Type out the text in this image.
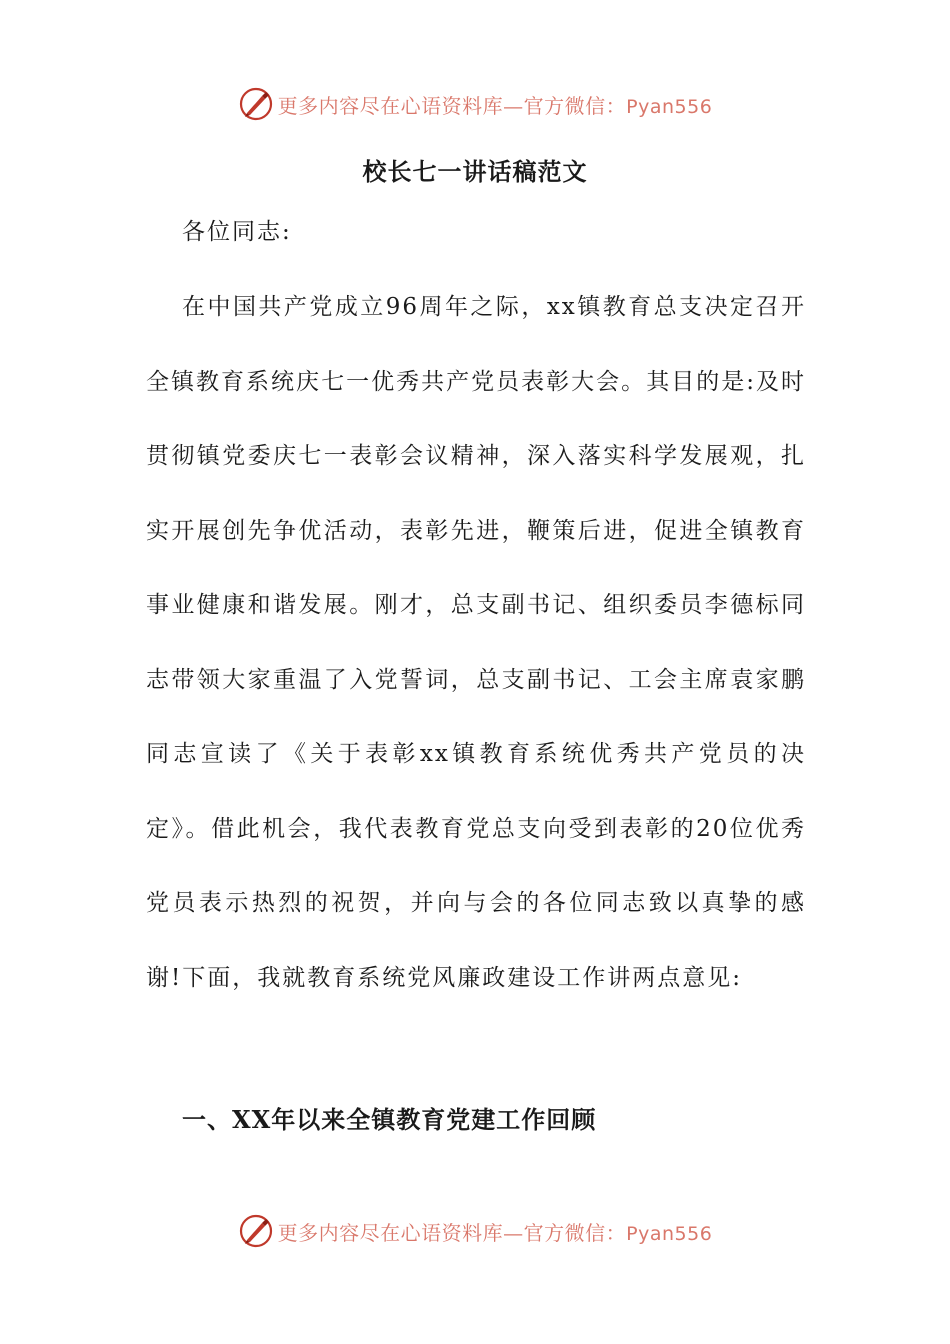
更多内容尽在心语资料库—官方微信：Pyan556
校长七一讲话稿范文

各位同志:

在中国共产党成立96周年之际，xx镇教育总支决定召开全镇教育系统庆七一优秀共产党员表彰大会。其目的是:及时贯彻镇党委庆七一表彰会议精神，深入落实科学发展观，扎实开展创先争优活动，表彰先进，鞭策后进，促进全镇教育事业健康和谐发展。刚才，总支副书记、组织委员李德标同志带领大家重温了入党誓词，总支副书记、工会主席袁家鹏同志宣读了《关于表彰xx镇教育系统优秀共产党员的决定》。借此机会，我代表教育党总支向受到表彰的20位优秀党员表示热烈的祝贺，并向与会的各位同志致以真挚的感谢!下面，我就教育系统党风廉政建设工作讲两点意见:

一、XX年以来全镇教育党建工作回顾
更多内容尽在心语资料库—官方微信：Pyan556
